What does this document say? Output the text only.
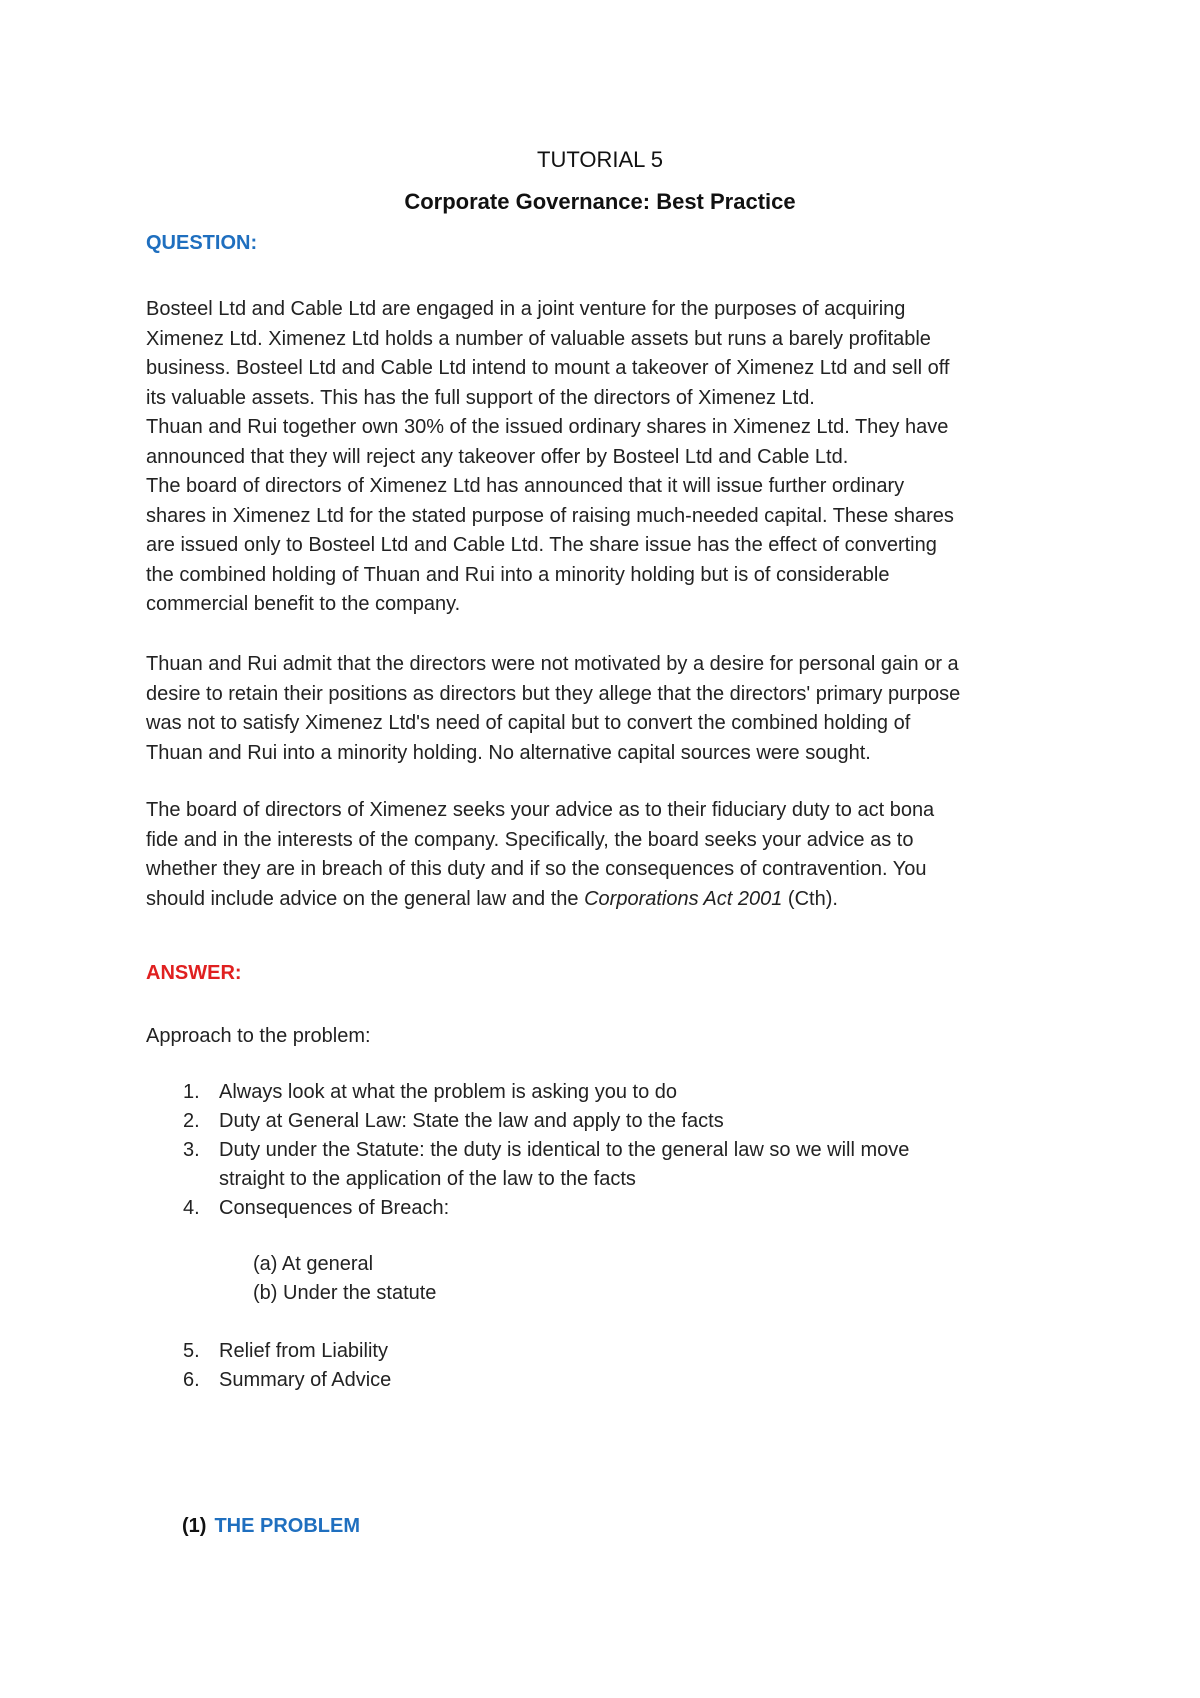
TUTORIAL 5
Corporate Governance: Best Practice
QUESTION:

Bosteel Ltd and Cable Ltd are engaged in a joint venture for the purposes of acquiring

Ximenez Ltd. Ximenez Ltd holds a number of valuable assets but runs a barely profitable

business. Bosteel Ltd and Cable Ltd intend to mount a takeover of Ximenez Ltd and sell off

its valuable assets. This has the full support of the directors of Ximenez Ltd.

Thuan and Rui together own 30% of the issued ordinary shares in Ximenez Ltd. They have

announced that they will reject any takeover offer by Bosteel Ltd and Cable Ltd.

The board of directors of Ximenez Ltd has announced that it will issue further ordinary

shares in Ximenez Ltd for the stated purpose of raising much-needed capital. These shares

are issued only to Bosteel Ltd and Cable Ltd. The share issue has the effect of converting

the combined holding of Thuan and Rui into a minority holding but is of considerable

commercial benefit to the company.

Thuan and Rui admit that the directors were not motivated by a desire for personal gain or a

desire to retain their positions as directors but they allege that the directors' primary purpose

was not to satisfy Ximenez Ltd's need of capital but to convert the combined holding of

Thuan and Rui into a minority holding. No alternative capital sources were sought.

The board of directors of Ximenez seeks your advice as to their fiduciary duty to act bona

fide and in the interests of the company. Specifically, the board seeks your advice as to

whether they are in breach of this duty and if so the consequences of contravention. You

should include advice on the general law and the Corporations Act 2001 (Cth).

ANSWER:
Approach to the problem:
1. Always look at what the problem is asking you to do
2. Duty at General Law: State the law and apply to the facts
3. Duty under the Statute: the duty is identical to the general law so we will move
straight to the application of the law to the facts
4. Consequences of Breach:
(a) At general
(b) Under the statute
5. Relief from Liability
6. Summary of Advice
(1) THE PROBLEM
